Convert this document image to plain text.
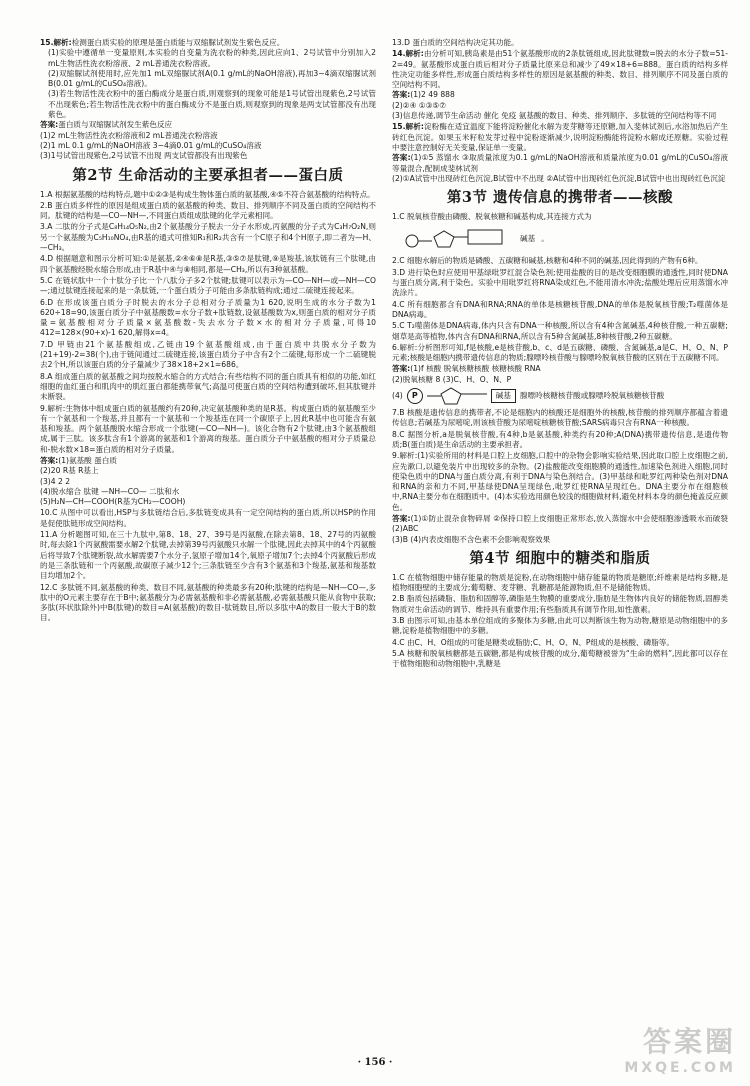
15.解析:检测蛋白质实验的原理是蛋白质能与双缩脲试剂发生紫色反应。
(1)实验中遵循单一变量原则,本实验的自变量为洗衣粉的种类,因此应向1、2号试管中分别加入2 mL生物活性洗衣粉溶液、2 mL普通洗衣粉溶液。
(2)双缩脲试剂使用时,应先加1 mL双缩脲试剂A(0.1 g/mL的NaOH溶液),再加3~4滴双缩脲试剂B(0.01 g/mL的CuSO₄溶液)。
(3)若生物活性洗衣粉中的蛋白酶成分是蛋白质,则观察到的现象可能是1号试管出现紫色,2号试管不出现紫色;若生物活性洗衣粉中的蛋白酶成分不是蛋白质,则观察到的现象是两支试管都没有出现紫色。
答案:蛋白质与双缩脲试剂发生紫色反应
(1)2 mL生物活性洗衣粉溶液和2 mL普通洗衣粉溶液
(2)1 mL 0.1 g/mL的NaOH溶液 3~4滴0.01 g/mL的CuSO₄溶液
(3)1号试管出现紫色,2号试管不出现 两支试管都没有出现紫色
第2节 生命活动的主要承担者——蛋白质
1.A 根据氨基酸的结构特点,题中①②③是构成生物体蛋白质的氨基酸,④⑤不符合氨基酸的结构特点。
2.B 蛋白质多样性的原因是组成蛋白质的氨基酸的种类、数目、排列顺序不同及蛋白质的空间结构不同。肽键的结构是—CO—NH—,不同蛋白质组成肽键的化学元素相同。
3.A 二肽的分子式是C₈H₁₄O₅N₂,由2个氨基酸分子脱去一分子水形成,丙氨酸的分子式为C₃H₇O₂N,则另一个氨基酸为C₅H₁₀NO₄,由R基的通式可推知R₁和R₂共含有一个C原子和4个H原子,即二者为—H、—CH₃。
4.D 根据题意和图示分析可知:①是氨基,②④⑥⑧是R基,③⑤⑦是肽键,⑨是羧基,该肽链有三个肽键,由四个氨基酸经脱水缩合形成,由于R基中④与⑧相同,都是—CH₃,所以有3种氨基酸。
5.C 在链状肽中一个十肽分子比一个八肽分子多2个肽键;肽键可以表示为—CO—NH—或—NH—CO—;通过肽键连接起来的是一条肽链,一个蛋白质分子可能由多条肽链构成;通过二硫键连接起来。
6.D 在形成该蛋白质分子时脱去的水分子总相对分子质量为1 620,说明生成的水分子数为1 620÷18=90,该蛋白质分子中氨基酸数=水分子数+肽链数,设氨基酸数为x,则蛋白质的相对分子质量=氨基酸相对分子质量×氨基酸数-失去水分子数×水的相对分子质量,可得10 412=128×(90+x)-1 620,解得x=4。
7.D 甲链由21个氨基酸组成,乙链由19个氨基酸组成,由于蛋白质中共脱水分子数为(21+19)-2=38(个),由于链间通过二硫键连接,该蛋白质分子中含有2个二硫键,每形成一个二硫键脱去2个H,所以该蛋白质的分子量减少了38×18+2×1=686。
8.A 组成蛋白质的氨基酸之间均按脱水缩合的方式结合;有些结构不同的蛋白质具有相似的功能,如红细胞的血红蛋白和肌肉中的肌红蛋白都能携带氧气;高温可使蛋白质的空间结构遭到破坏,但其肽键并未断裂。
9.解析:生物体中组成蛋白质的氨基酸约有20种,决定氨基酸种类的是R基。构成蛋白质的氨基酸至少有一个氨基和一个羧基,并且都有一个氨基和一个羧基连在同一个碳原子上,因此R基中也可能含有氨基和羧基。两个氨基酸脱水缩合形成一个肽键(—CO—NH—)。该化合物有2个肽键,由3个氨基酸组成,属于三肽。该多肽含有1个游离的氨基和1个游离的羧基。蛋白质分子中氨基酸的相对分子质量总和-脱水数×18=蛋白质的相对分子质量。
答案:(1)氨基酸 蛋白质
(2)20 R基 R基上
(3)4 2 2
(4)脱水缩合 肽键 —NH—CO— 二肽和水
(5)H₂N—CH—COOH(R基为CH₂—COOH)
10.C 从图中可以看出,HSP与多肽链结合后,多肽链变成具有一定空间结构的蛋白质,所以HSP的作用是促使肽链形成空间结构。
11.A 分析题图可知,在三十九肽中,第8、18、27、39号是丙氨酸,在除去第8、18、27号的丙氨酸时,每去除1个丙氨酸需要水解2个肽键,去掉第39号丙氨酸只水解一个肽键,因此去掉其中的4个丙氨酸后将导致7个肽键断裂,故水解需要7个水分子,氢原子增加14个,氧原子增加7个;去掉4个丙氨酸后形成的是三条肽链和一个丙氨酸,故碳原子减少12个;三条肽链至少含有3个氨基和3个羧基,氨基和羧基数目均增加2个。
12.C 多肽链不同,氨基酸的种类、数目不同,氨基酸的种类最多有20种;肽键的结构是—NH—CO—,多肽中的O元素主要存在于B中;氨基酸分为必需氨基酸和非必需氨基酸,必需氨基酸只能从食物中获取;多肽(环状肽除外)中B(肽键)的数目=A(氨基酸)的数目-肽链数目,所以多肽中A的数目一般大于B的数目。
13.D 蛋白质的空间结构决定其功能。
14.解析:由分析可知,胰岛素是由51个氨基酸形成的2条肽链组成,因此肽键数=脱去的水分子数=51-2=49。氨基酸形成蛋白质后相对分子质量比原来总和减少了49×18+6=888。蛋白质的结构多样性决定功能多样性,形成蛋白质结构多样性的原因是氨基酸的种类、数目、排列顺序不同及蛋白质的空间结构不同。
答案:(1)2 49 888
(2)②④ ①③⑤⑦
(3)信息传递,调节生命活动 催化 免疫 氨基酸的数目、种类、排列顺序、多肽链的空间结构等不同
15.解析:淀粉酶在适宜温度下能将淀粉催化水解为麦芽糖等还原糖,加入斐林试剂后,水浴加热后产生砖红色沉淀。如果玉米籽粒发芽过程中淀粉逐渐减少,说明淀粉酶能将淀粉水解成还原糖。实验过程中要注意控制好无关变量,保证单一变量。
答案:(1)①5 蒸馏水 ③取质量浓度为0.1 g/mL的NaOH溶液和质量浓度为0.01 g/mL的CuSO₄溶液等量混合,配制成斐林试剂
(2)①A试管中出现砖红色沉淀,B试管中不出现 ②A试管中出现砖红色沉淀,B试管中也出现砖红色沉淀
第3节 遗传信息的携带者——核酸
1.C 脱氧核苷酸由磷酸、脱氧核糖和碱基构成,其连接方式为
碱基 。
2.C 细胞水解后的物质是磷酸、五碳糖和碱基,核糖和4种不同的碱基,因此得到的产物有6种。
3.D 进行染色时应使用甲基绿吡罗红混合染色剂;使用盐酸的目的是改变细胞膜的通透性,同时使DNA与蛋白质分离,利于染色。实验中用吡罗红将RNA染成红色,不能用清水冲洗;盐酸处理后应用蒸馏水冲洗涂片。
4.C 所有细胞都含有DNA和RNA;RNA的单体是核糖核苷酸,DNA的单体是脱氧核苷酸;T₂噬菌体是DNA病毒。
5.C T₂噬菌体是DNA病毒,体内只含有DNA一种核酸,所以含有4种含氮碱基,4种核苷酸,一种五碳糖;烟草是高等植物,体内含有DNA和RNA,所以含有5种含氮碱基,8种核苷酸,2种五碳糖。
6.解析:分析图形可知,f是核酸,e是核苷酸,b、c、d是五碳糖、磷酸、含氮碱基,a是C、H、O、N、P元素;核酸是细胞内携带遗传信息的物质;腺嘌呤核苷酸与腺嘌呤脱氧核苷酸的区别在于五碳糖不同。
答案:(1)f 核酸 脱氧核糖核酸 核糖核酸 RNA
(2)脱氧核糖 8 (3)C、H、O、N、P
(4)	P	碱基	腺嘌呤核糖核苷酸或腺嘌呤脱氧核糖核苷酸
7.B 核酸是遗传信息的携带者,不论是细胞内的核酸还是细胞外的核酸,核苷酸的排列顺序都蕴含着遗传信息;若碱基为尿嘧啶,则该核苷酸为尿嘧啶核糖核苷酸;SARS病毒只含有RNA一种核酸。
8.C 据图分析,a是脱氧核苷酸,有4种,b是氨基酸,种类约有20种;A(DNA)携带遗传信息,是遗传物质;B(蛋白质)是生命活动的主要承担者。
9.解析:(1)实验所用的材料是口腔上皮细胞,口腔中的杂物会影响实验结果,因此取口腔上皮细胞之前,应先漱口,以避免装片中出现较多的杂物。(2)盐酸能改变细胞膜的通透性,加速染色剂进入细胞,同时使染色质中的DNA与蛋白质分离,有利于DNA与染色剂结合。(3)甲基绿和吡罗红两种染色剂对DNA和RNA的亲和力不同,甲基绿使DNA呈现绿色,吡罗红使RNA呈现红色。DNA主要分布在细胞核中,RNA主要分布在细胞质中。(4)本实验选用颜色较浅的细胞做材料,避免材料本身的颜色掩盖反应颜色。
答案:(1)①防止混杂食物碎屑 ②保持口腔上皮细胞正常形态,放入蒸馏水中会使细胞渗透吸水而破裂 (2)ABC
(3)B (4)内表皮细胞不含色素不会影响观察效果
第4节 细胞中的糖类和脂质
1.C 在植物细胞中储存能量的物质是淀粉,在动物细胞中储存能量的物质是糖原;纤维素是结构多糖,是植物细胞壁的主要成分;葡萄糖、麦芽糖、乳糖都是能源物质,但不是储能物质。
2.B 脂质包括磷脂、脂肪和固醇等,磷脂是生物膜的重要成分,脂肪是生物体内良好的储能物质,固醇类物质对生命活动的调节、维持具有重要作用;有些脂质具有调节作用,如性激素。
3.B 由图示可知,由基本单位组成的多聚体为多糖,由此可以判断该生物为动物,糖原是动物细胞中的多糖,淀粉是植物细胞中的多糖。
4.C 由C、H、O组成的可能是糖类或脂肪;C、H、O、N、P组成的是核酸、磷脂等。
5.A 核糖和脱氧核糖都是五碳糖,都是构成核苷酸的成分,葡萄糖被誉为“生命的燃料”,因此都可以存在于植物细胞和动物细胞中,乳糖是
· 156 ·
答案圈
MXQE.COM
